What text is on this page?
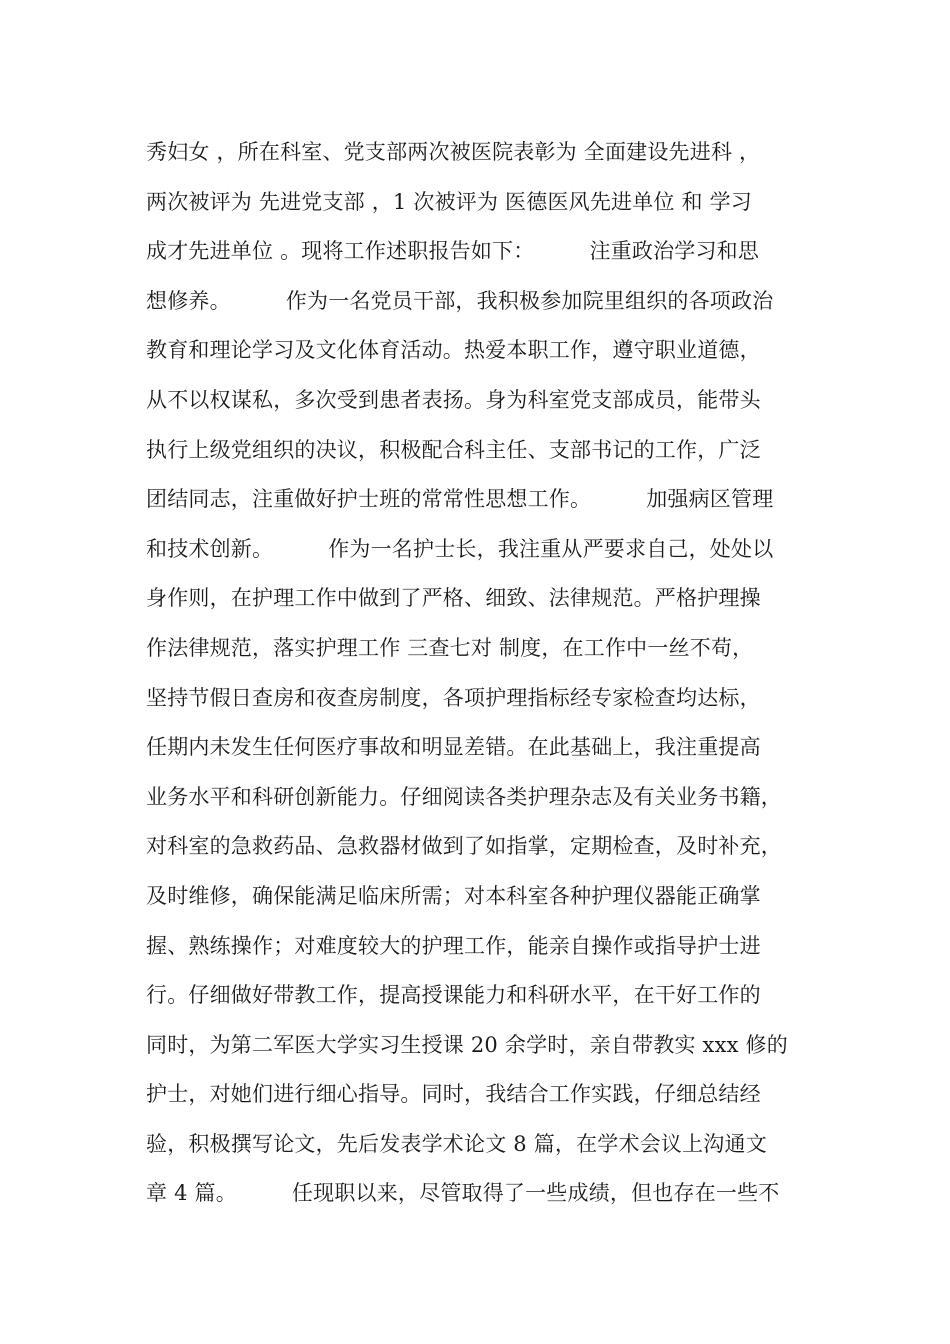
秀妇女 ，所在科室、党支部两次被医院表彰为 全面建设先进科 ，
两次被评为 先进党支部 ，1 次被评为 医德医风先进单位 和 学习
成才先进单位 。现将工作述职报告如下：        注重政治学习和思
想修养。        作为一名党员干部，我积极参加院里组织的各项政治
教育和理论学习及文化体育活动。热爱本职工作，遵守职业道德，
从不以权谋私，多次受到患者表扬。身为科室党支部成员，能带头
执行上级党组织的决议，积极配合科主任、支部书记的工作，广泛
团结同志，注重做好护士班的常常性思想工作。        加强病区管理
和技术创新。        作为一名护士长，我注重从严要求自己，处处以
身作则，在护理工作中做到了严格、细致、法律规范。严格护理操
作法律规范，落实护理工作 三查七对 制度，在工作中一丝不苟，
坚持节假日查房和夜查房制度，各项护理指标经专家检查均达标，
任期内未发生任何医疗事故和明显差错。在此基础上，我注重提高
业务水平和科研创新能力。仔细阅读各类护理杂志及有关业务书籍，
对科室的急救药品、急救器材做到了如指掌，定期检查，及时补充，
及时维修，确保能满足临床所需；对本科室各种护理仪器能正确掌
握、熟练操作；对难度较大的护理工作，能亲自操作或指导护士进
行。仔细做好带教工作，提高授课能力和科研水平，在干好工作的
同时，为第二军医大学实习生授课 20 余学时，亲自带教实 xxx 修的
护士，对她们进行细心指导。同时，我结合工作实践，仔细总结经
验，积极撰写论文，先后发表学术论文 8 篇，在学术会议上沟通文
章 4 篇。        任现职以来，尽管取得了一些成绩，但也存在一些不
